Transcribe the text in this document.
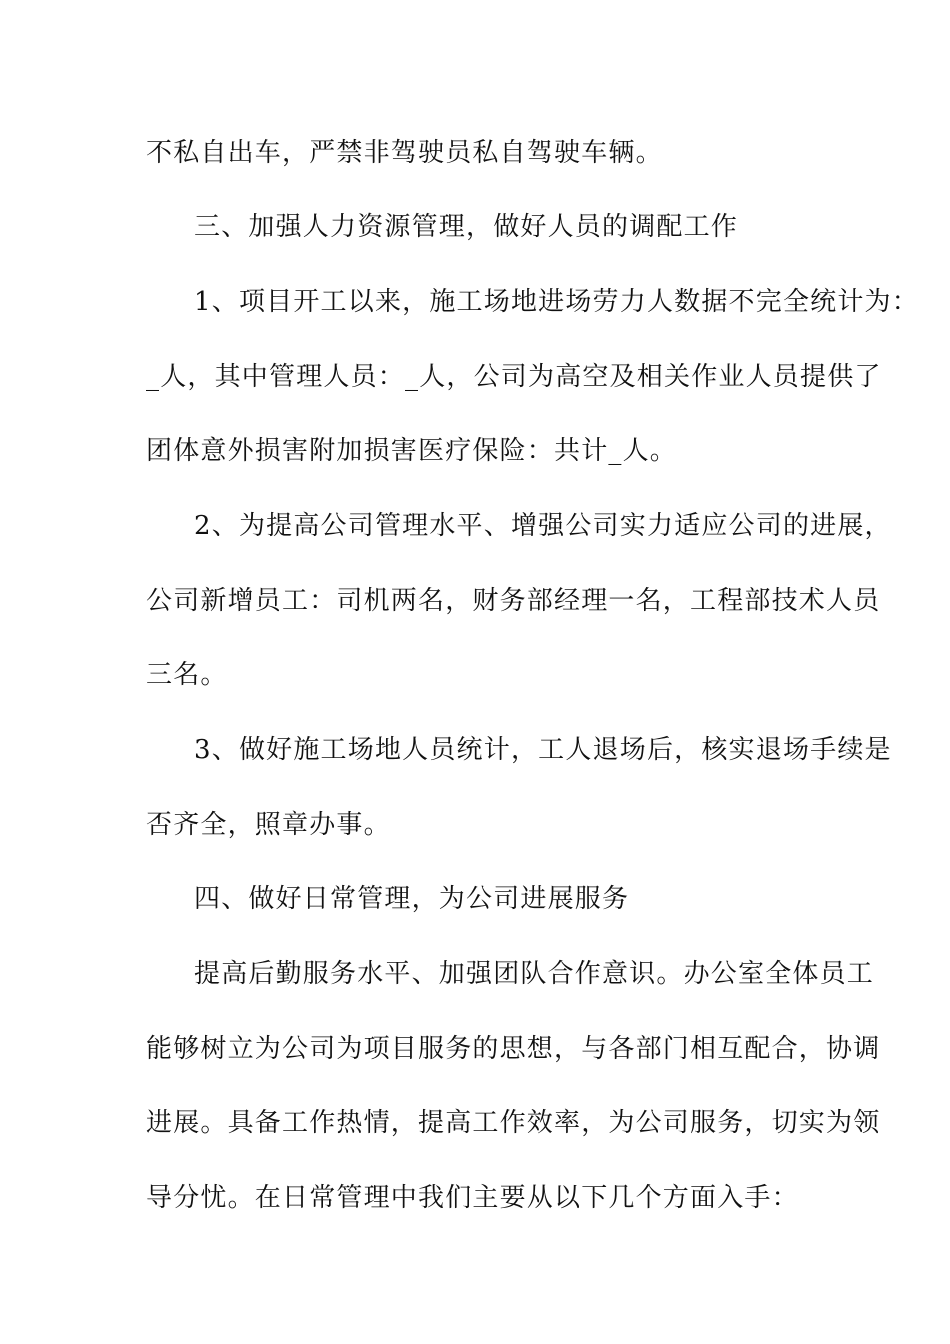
不私自出车，严禁非驾驶员私自驾驶车辆。
三、加强人力资源管理，做好人员的调配工作
1、项目开工以来，施工场地进场劳力人数据不完全统计为：
_人，其中管理人员：_人，公司为高空及相关作业人员提供了
团体意外损害附加损害医疗保险：共计_人。
2、为提高公司管理水平、增强公司实力适应公司的进展，
公司新增员工：司机两名，财务部经理一名，工程部技术人员
三名。
3、做好施工场地人员统计，工人退场后，核实退场手续是
否齐全，照章办事。
四、做好日常管理，为公司进展服务
提高后勤服务水平、加强团队合作意识。办公室全体员工
能够树立为公司为项目服务的思想，与各部门相互配合，协调
进展。具备工作热情，提高工作效率，为公司服务，切实为领
导分忧。在日常管理中我们主要从以下几个方面入手：
